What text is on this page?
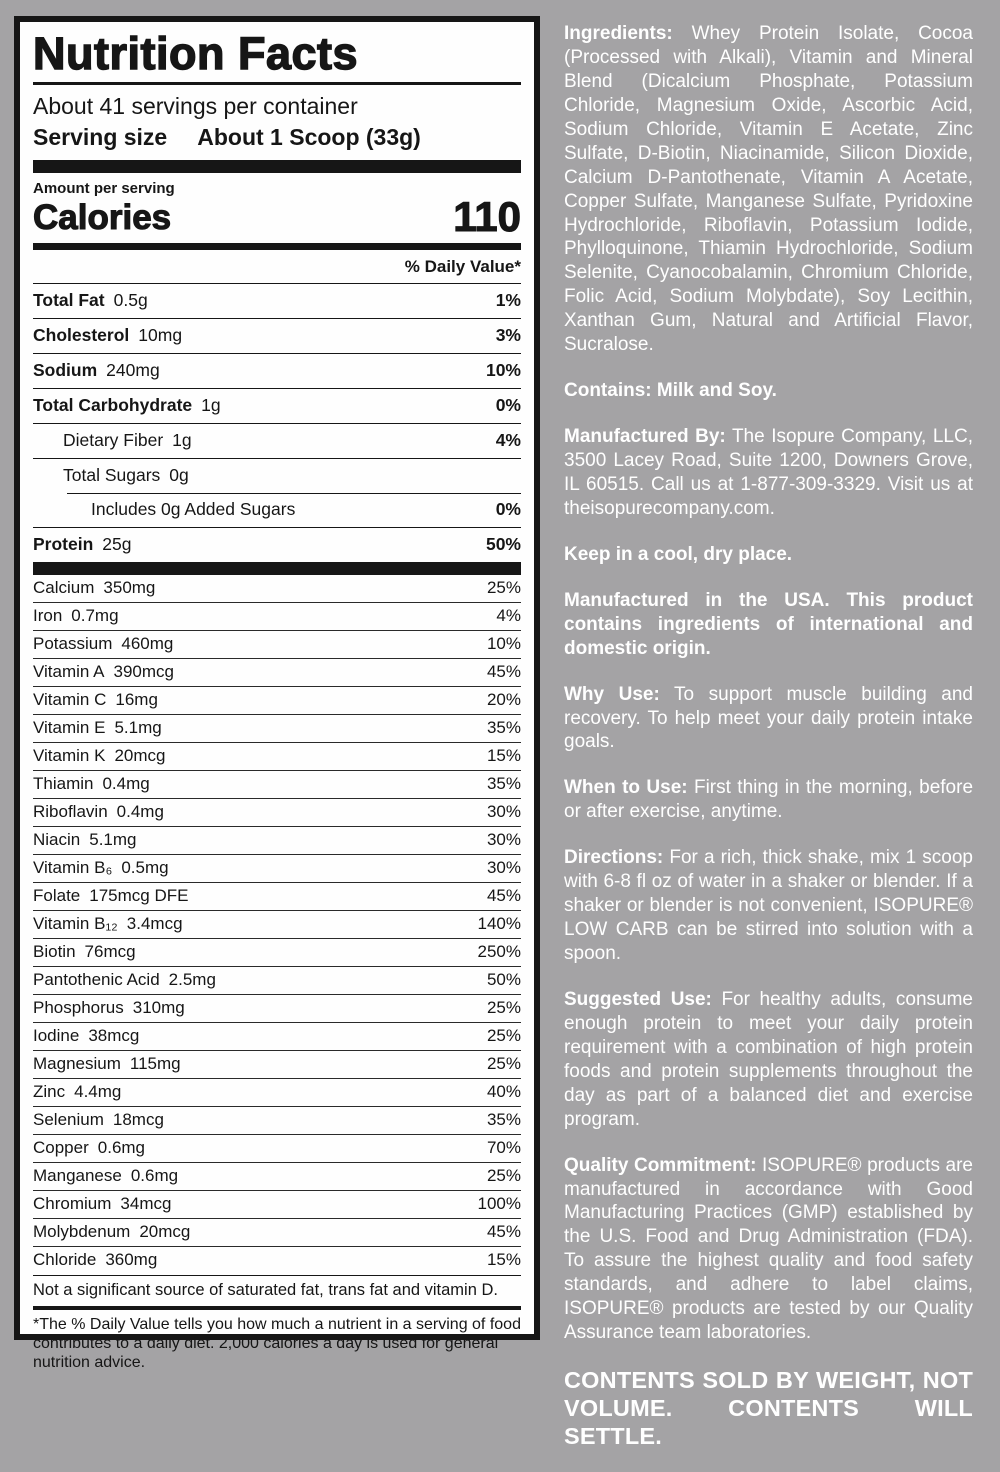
Nutrition Facts
About 41 servings per container
Serving size About 1 Scoop (33g)
Amount per serving
Calories	110
% Daily Value*
Total Fat 0.5g	1%
Cholesterol 10mg	3%
Sodium 240mg	10%
Total Carbohydrate 1g	0%
Dietary Fiber 1g	4%
Total Sugars 0g
Includes 0g Added Sugars	0%
Protein 25g	50%
Calcium 350mg	25%
Iron 0.7mg	4%
Potassium 460mg	10%
Vitamin A 390mcg	45%
Vitamin C 16mg	20%
Vitamin E 5.1mg	35%
Vitamin K 20mcg	15%
Thiamin 0.4mg	35%
Riboflavin 0.4mg	30%
Niacin 5.1mg	30%
Vitamin B₆ 0.5mg	30%
Folate 175mcg DFE	45%
Vitamin B₁₂ 3.4mcg	140%
Biotin 76mcg	250%
Pantothenic Acid 2.5mg	50%
Phosphorus 310mg	25%
Iodine 38mcg	25%
Magnesium 115mg	25%
Zinc 4.4mg	40%
Selenium 18mcg	35%
Copper 0.6mg	70%
Manganese 0.6mg	25%
Chromium 34mcg	100%
Molybdenum 20mcg	45%
Chloride 360mg	15%
Not a significant source of saturated fat, trans fat and vitamin D.
*The % Daily Value tells you how much a nutrient in a serving of food contributes to a daily diet. 2,000 calories a day is used for general nutrition advice.

Ingredients: Whey Protein Isolate, Cocoa (Processed with Alkali), Vitamin and Mineral Blend (Dicalcium Phosphate, Potassium Chloride, Magnesium Oxide, Ascorbic Acid, Sodium Chloride, Vitamin E Acetate, Zinc Sulfate, D-Biotin, Niacinamide, Silicon Dioxide, Calcium D-Pantothenate, Vitamin A Acetate, Copper Sulfate, Manganese Sulfate, Pyridoxine Hydrochloride, Riboflavin, Potassium Iodide, Phylloquinone, Thiamin Hydrochloride, Sodium Selenite, Cyanocobalamin, Chromium Chloride, Folic Acid, Sodium Molybdate), Soy Lecithin, Xanthan Gum, Natural and Artificial Flavor, Sucralose.

Contains: Milk and Soy.

Manufactured By: The Isopure Company, LLC, 3500 Lacey Road, Suite 1200, Downers Grove, IL 60515. Call us at 1-877-309-3329. Visit us at theisopurecompany.com.

Keep in a cool, dry place.

Manufactured in the USA. This product contains ingredients of international and domestic origin.

Why Use: To support muscle building and recovery. To help meet your daily protein intake goals.

When to Use: First thing in the morning, before or after exercise, anytime.

Directions: For a rich, thick shake, mix 1 scoop with 6-8 fl oz of water in a shaker or blender. If a shaker or blender is not convenient, ISOPURE® LOW CARB can be stirred into solution with a spoon.

Suggested Use: For healthy adults, consume enough protein to meet your daily protein requirement with a combination of high protein foods and protein supplements throughout the day as part of a balanced diet and exercise program.

Quality Commitment: ISOPURE® products are manufactured in accordance with Good Manufacturing Practices (GMP) established by the U.S. Food and Drug Administration (FDA). To assure the highest quality and food safety standards, and adhere to label claims, ISOPURE® products are tested by our Quality Assurance team laboratories.

CONTENTS SOLD BY WEIGHT, NOT VOLUME. CONTENTS WILL SETTLE.
